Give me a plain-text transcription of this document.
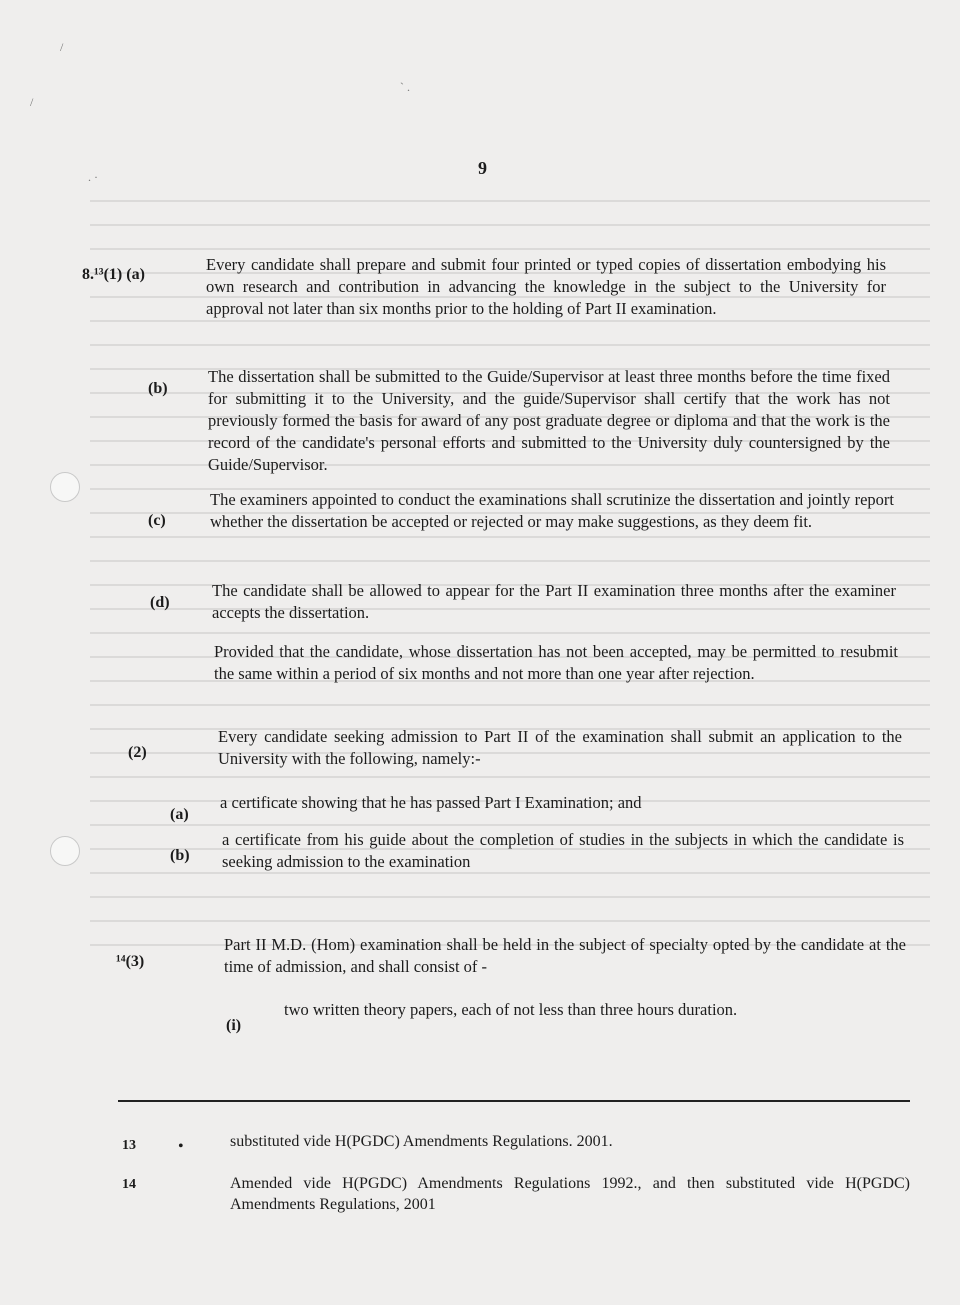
/
/
. ·
` .
9
8.¹³(1) (a)
Every candidate shall prepare and submit four printed or typed copies of dissertation embodying his own research and contribution in advancing the knowledge in the subject to the University for approval not later than six months prior to the holding of Part II examination.
(b)
The dissertation shall be submitted to the Guide/Supervisor at least three months before the time fixed for submitting it to the University, and the guide/Supervisor shall certify that the work has not previously formed the basis for award of any post graduate degree or diploma and that the work is the record of the candidate's personal efforts and submitted to the University duly countersigned by the Guide/Supervisor.
(c)
The examiners appointed to conduct the examinations shall scrutinize the dissertation and jointly report whether the dissertation be accepted or rejected or may make suggestions, as they deem fit.
(d)
The candidate shall be allowed to appear for the Part II examination three months after the examiner accepts the dissertation.
Provided that the candidate, whose dissertation has not been accepted, may be permitted to resubmit the same within a period of six months and not more than one year after rejection.
(2)
Every candidate seeking admission to Part II of the examination shall submit an application to the University with the following, namely:-
(a)
a certificate showing that he has passed Part I Examination; and
(b)
a certificate from his guide about the completion of studies in the subjects in which the candidate is seeking admission to the examination
¹⁴(3)
Part II M.D. (Hom) examination shall be held in the subject of specialty opted by the candidate at the time of admission, and shall consist of -
(i)
two written theory papers, each of not less than three hours duration.
13	•	substituted vide H(PGDC) Amendments Regulations. 2001.
14	Amended vide H(PGDC) Amendments Regulations 1992., and then substituted vide H(PGDC) Amendments Regulations, 2001
